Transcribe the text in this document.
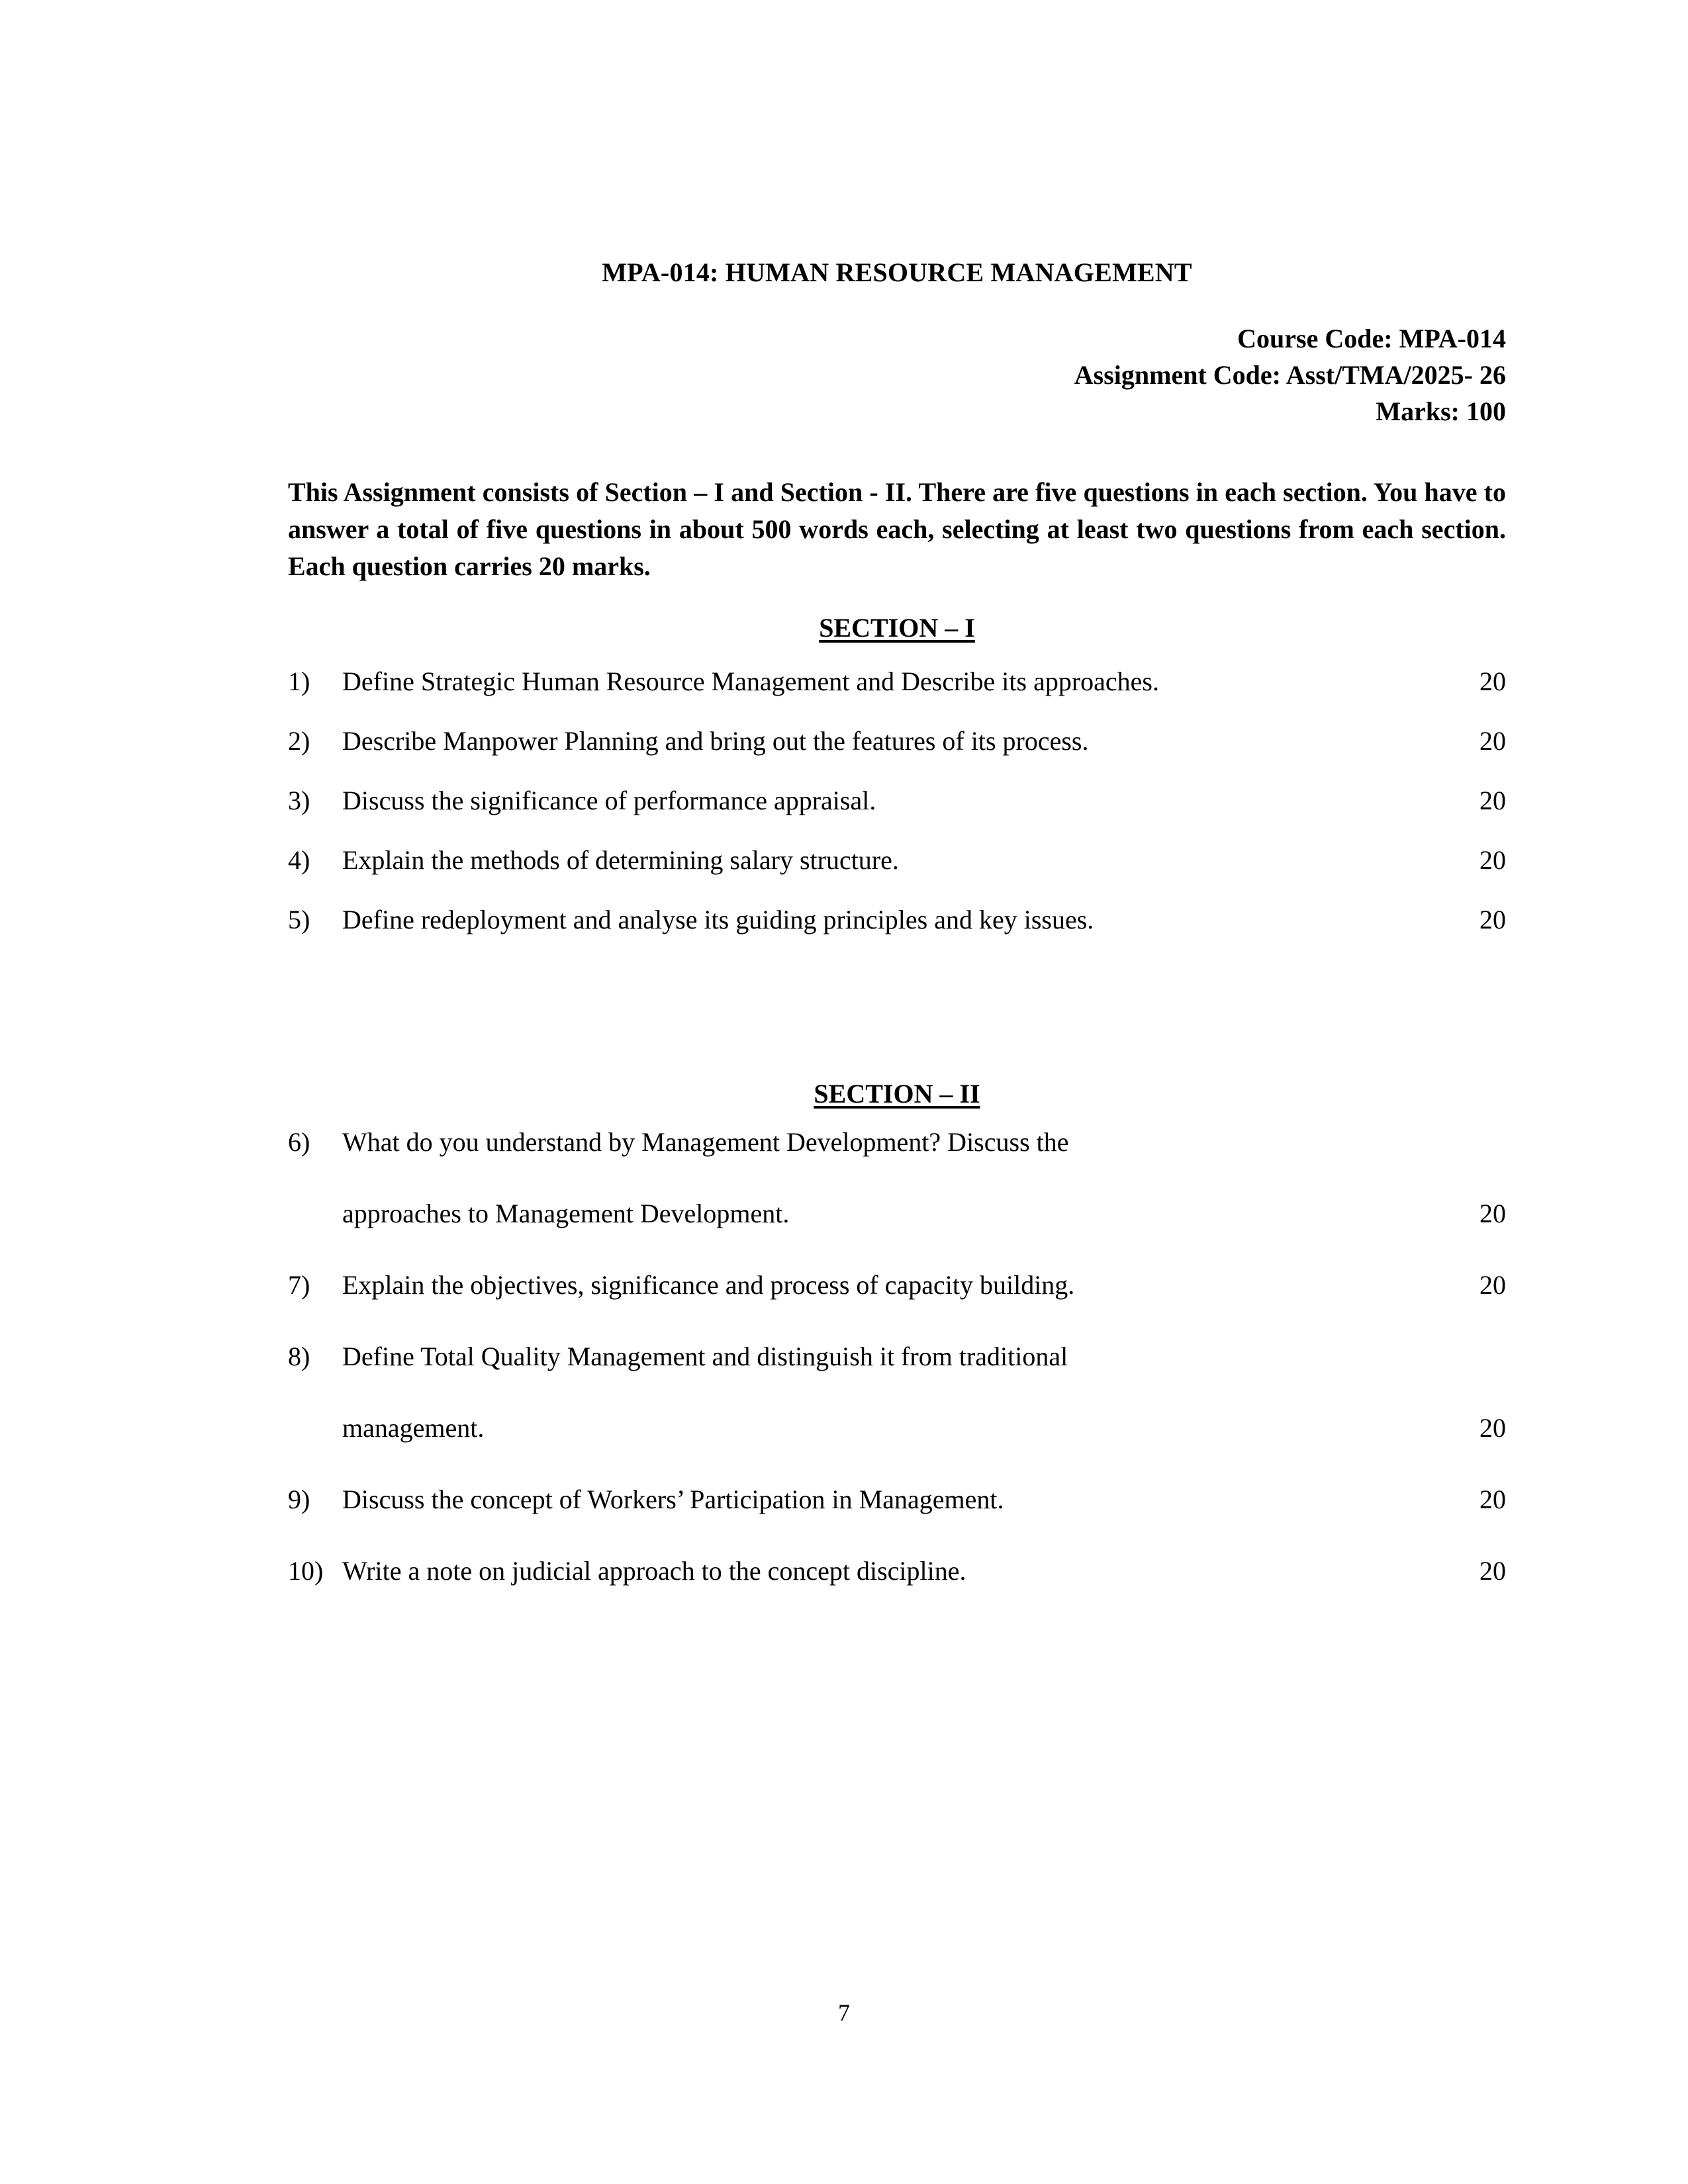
MPA-014: HUMAN RESOURCE MANAGEMENT
Course Code: MPA-014
Assignment Code: Asst/TMA/2025- 26
Marks: 100

This Assignment consists of Section – I and Section - II. There are five questions in each section. You have to answer a total of five questions in about 500 words each, selecting at least two questions from each section. Each question carries 20 marks.

SECTION – I
1)	Define Strategic Human Resource Management and Describe its approaches.	20
2)	Describe Manpower Planning and bring out the features of its process.	20
3)	Discuss the significance of performance appraisal.	20
4)	Explain the methods of determining salary structure.	20
5)	Define redeployment and analyse its guiding principles and key issues.	20
SECTION – II
6)	What do you understand by Management Development? Discuss the
approaches to Management Development.	20
7)	Explain the objectives, significance and process of capacity building.	20
8)	Define Total Quality Management and distinguish it from traditional
management.	20
9)	Discuss the concept of Workers’ Participation in Management.	20
10) Write a note on judicial approach to the concept discipline.	20
7
